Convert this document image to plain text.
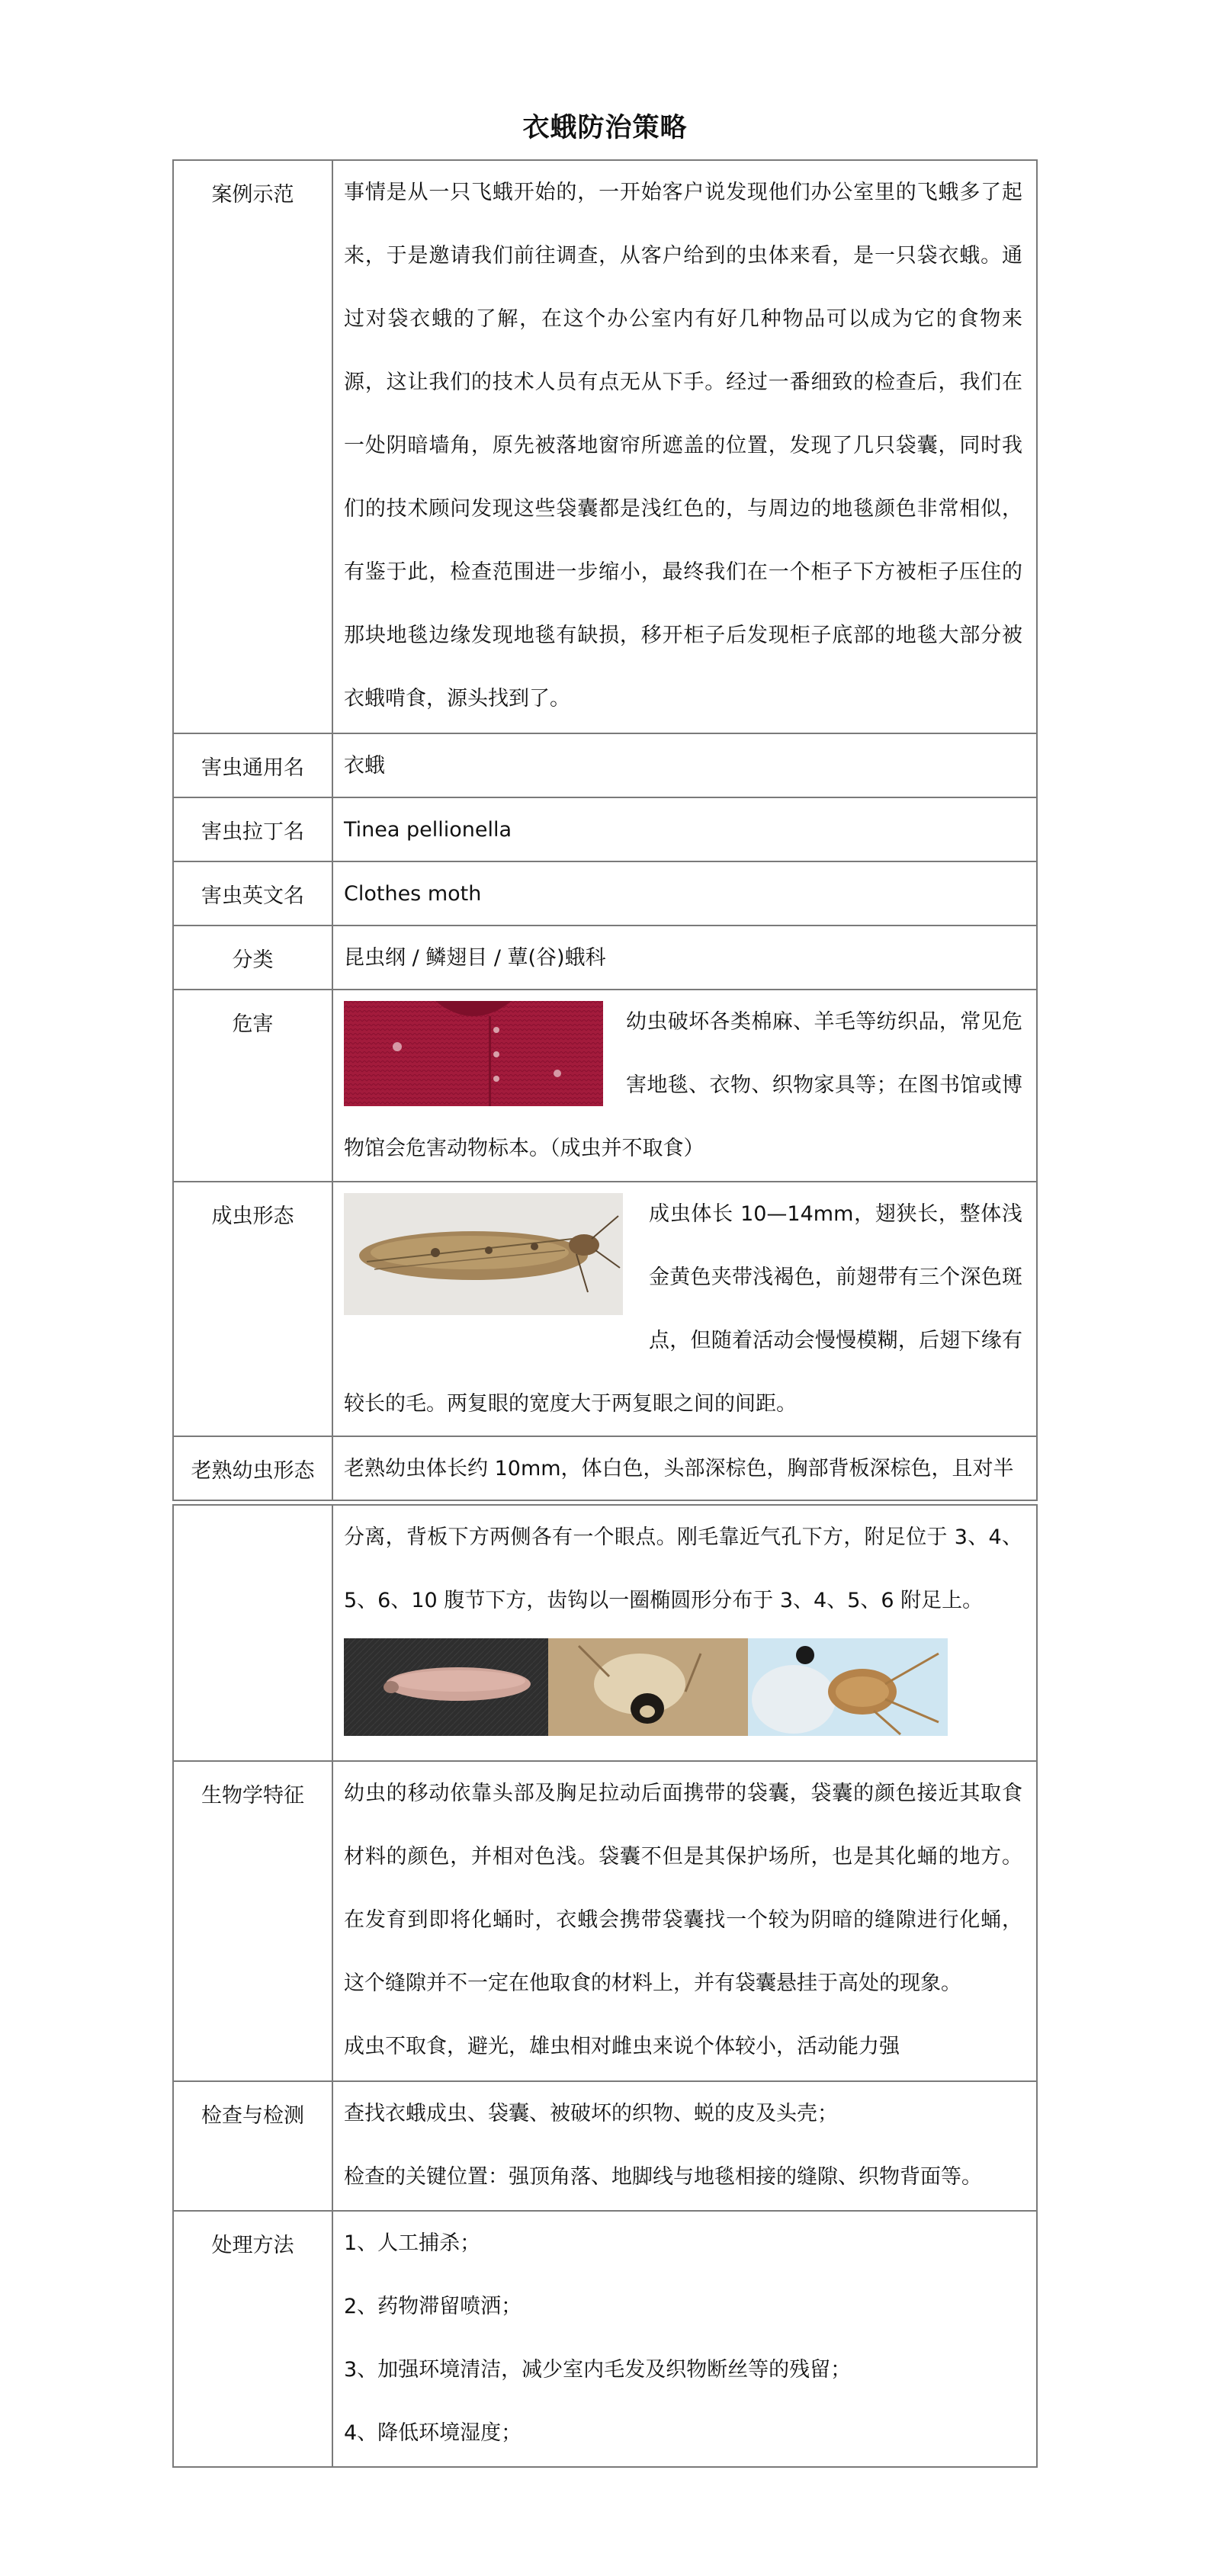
衣蛾防治策略
案例示范	事情是从一只飞蛾开始的，一开始客户说发现他们办公室里的飞蛾多了起来，于是邀请我们前往调查，从客户给到的虫体来看，是一只袋衣蛾。通过对袋衣蛾的了解，在这个办公室内有好几种物品可以成为它的食物来源，这让我们的技术人员有点无从下手。经过一番细致的检查后，我们在一处阴暗墙角，原先被落地窗帘所遮盖的位置，发现了几只袋囊，同时我们的技术顾问发现这些袋囊都是浅红色的，与周边的地毯颜色非常相似，有鉴于此，检查范围进一步缩小，最终我们在一个柜子下方被柜子压住的那块地毯边缘发现地毯有缺损，移开柜子后发现柜子底部的地毯大部分被衣蛾啃食，源头找到了。

害虫通用名	衣蛾
害虫拉丁名	Tinea pellionella
害虫英文名	Clothes moth
分类	昆虫纲 / 鳞翅目 / 蕈(谷)蛾科
危害	幼虫破坏各类棉麻、羊毛等纺织品，常见危害地毯、衣物、织物家具等；在图书馆或博物馆会危害动物标本。（成虫并不取食）

成虫形态	成虫体长 10—14mm，翅狭长，整体浅金黄色夹带浅褐色，前翅带有三个深色斑点，但随着活动会慢慢模糊，后翅下缘有较长的毛。两复眼的宽度大于两复眼之间的间距。

老熟幼虫形态	老熟幼虫体长约 10mm，体白色，头部深棕色，胸部背板深棕色，且对半

	分离，背板下方两侧各有一个眼点。刚毛靠近气孔下方，附足位于 3、4、5、6、10 腹节下方，齿钩以一圈椭圆形分布于 3、4、5、6 附足上。

生物学特征	幼虫的移动依靠头部及胸足拉动后面携带的袋囊，袋囊的颜色接近其取食材料的颜色，并相对色浅。袋囊不但是其保护场所，也是其化蛹的地方。在发育到即将化蛹时，衣蛾会携带袋囊找一个较为阴暗的缝隙进行化蛹，这个缝隙并不一定在他取食的材料上，并有袋囊悬挂于高处的现象。

成虫不取食，避光，雄虫相对雌虫来说个体较小，活动能力强

检查与检测	查找衣蛾成虫、袋囊、被破坏的织物、蜕的皮及头壳；

检查的关键位置：强顶角落、地脚线与地毯相接的缝隙、织物背面等。

处理方法	1、人工捕杀；

2、药物滞留喷洒；

3、加强环境清洁，减少室内毛发及织物断丝等的残留；

4、降低环境湿度；
